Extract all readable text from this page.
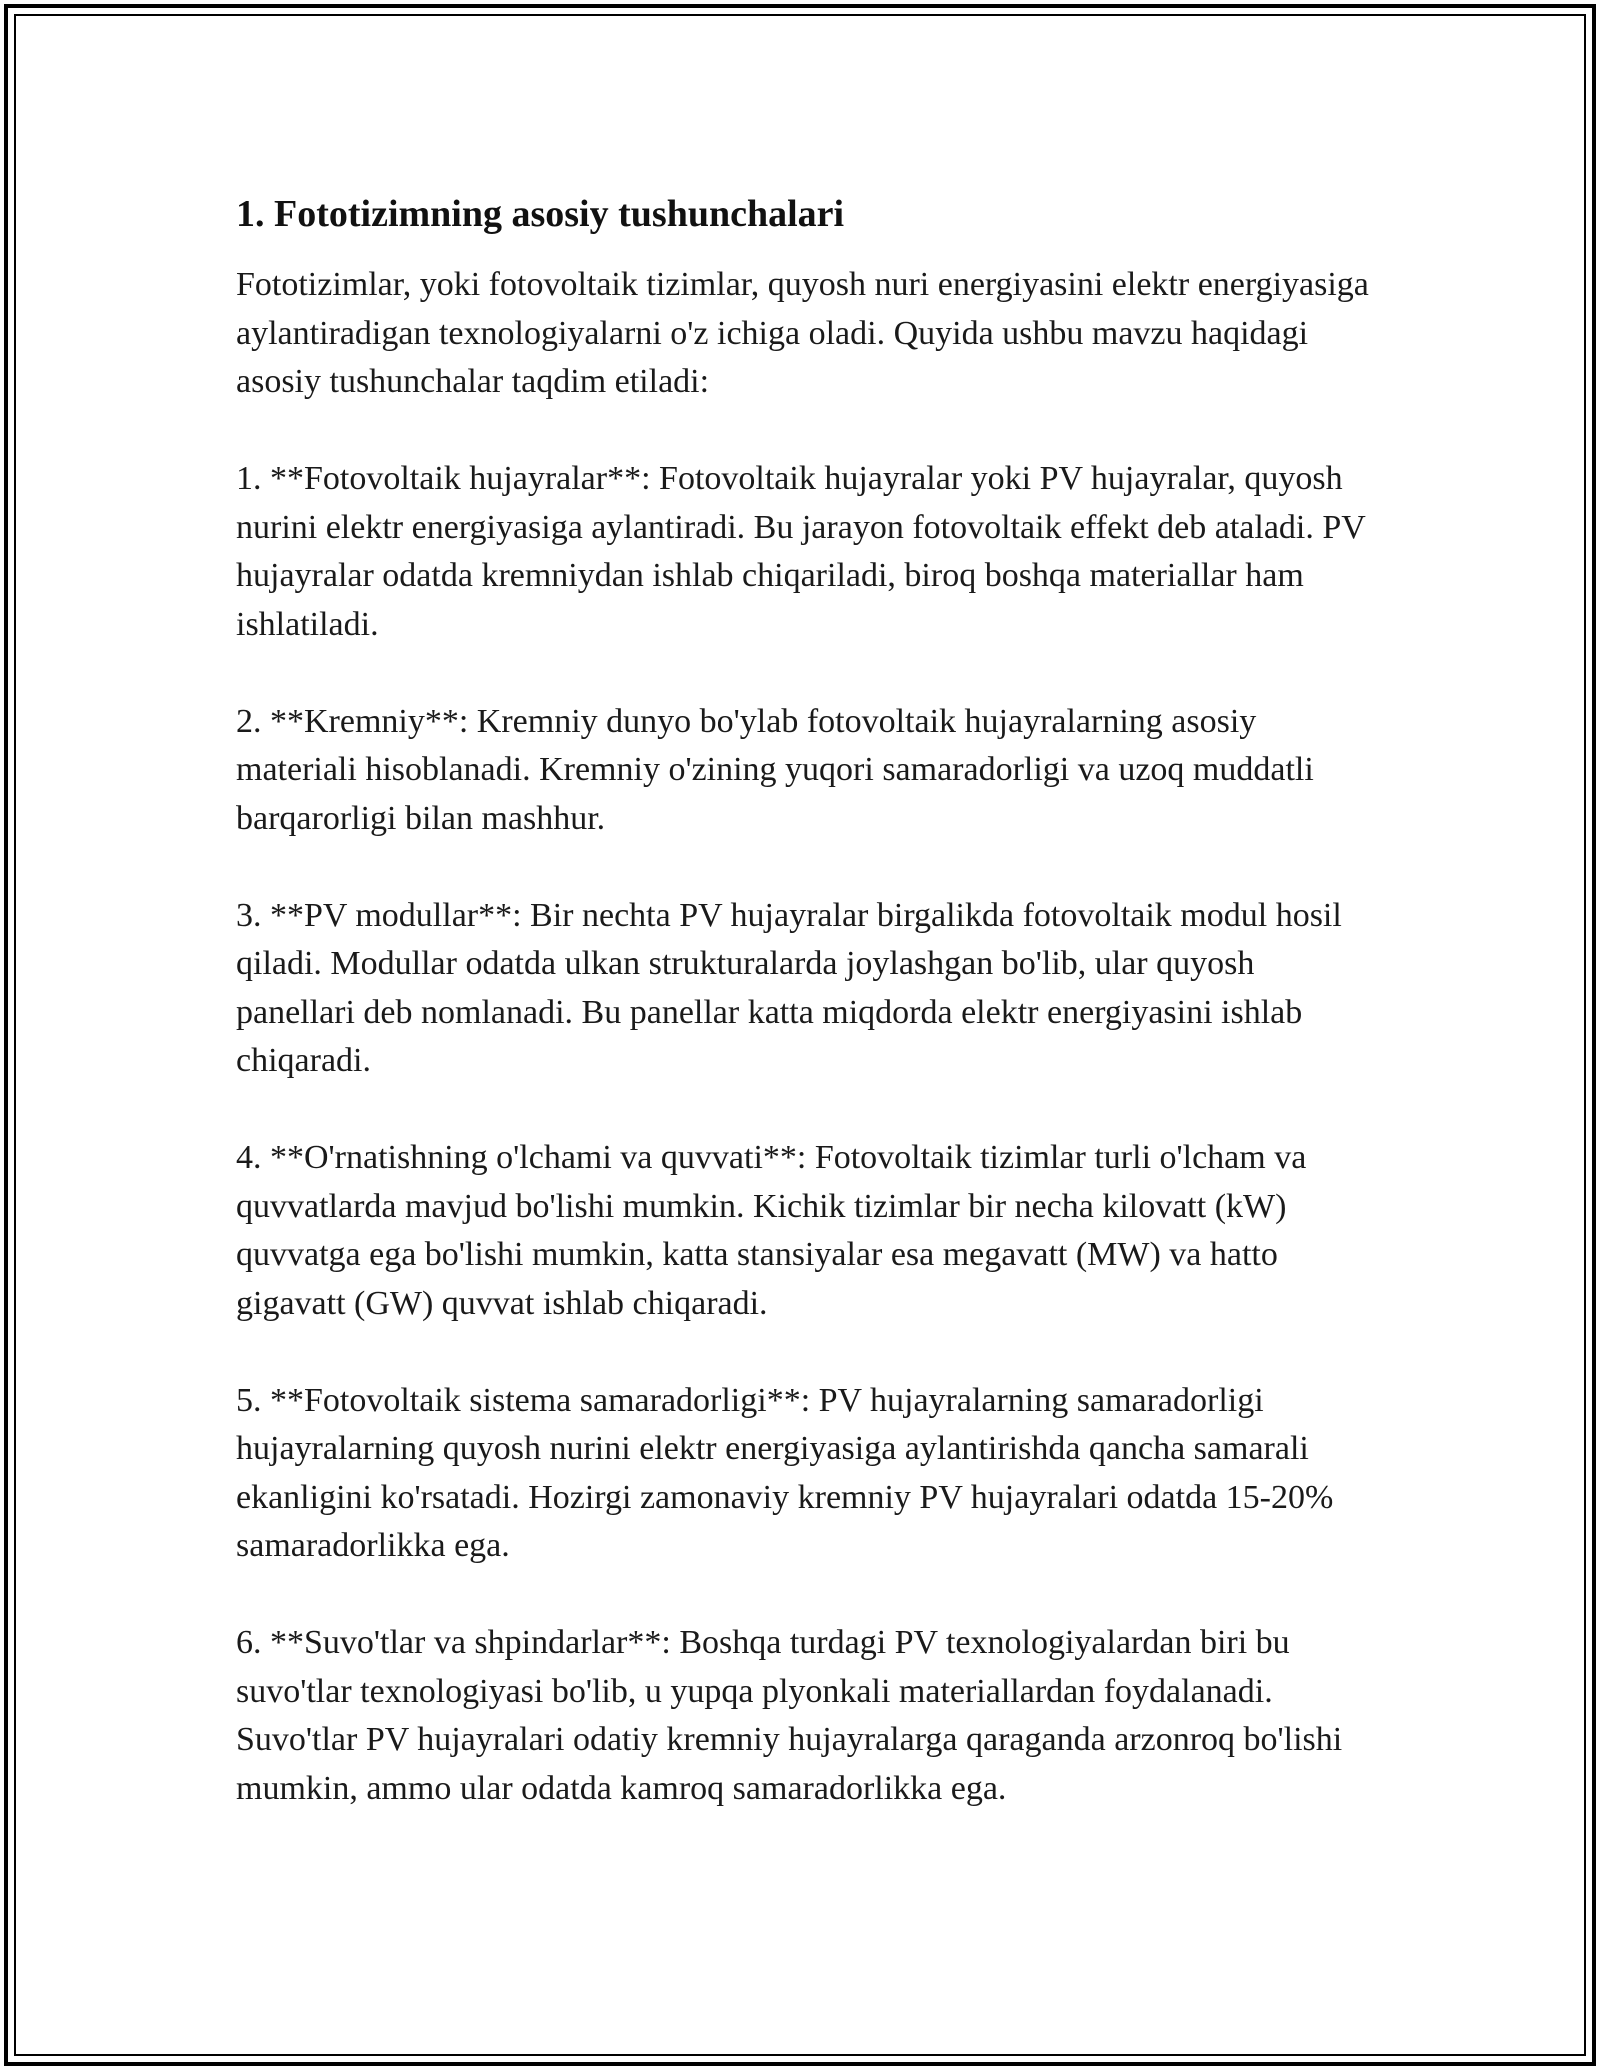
1. Fototizimning asosiy tushunchalari

Fototizimlar, yoki fotovoltaik tizimlar, quyosh nuri energiyasini elektr energiyasiga aylantiradigan texnologiyalarni o'z ichiga oladi. Quyida ushbu mavzu haqidagi asosiy tushunchalar taqdim etiladi:

1. **Fotovoltaik hujayralar**: Fotovoltaik hujayralar yoki PV hujayralar, quyosh nurini elektr energiyasiga aylantiradi. Bu jarayon fotovoltaik effekt deb ataladi. PV hujayralar odatda kremniydan ishlab chiqariladi, biroq boshqa materiallar ham ishlatiladi.

2. **Kremniy**: Kremniy dunyo bo'ylab fotovoltaik hujayralarning asosiy materiali hisoblanadi. Kremniy o'zining yuqori samaradorligi va uzoq muddatli barqarorligi bilan mashhur.

3. **PV modullar**: Bir nechta PV hujayralar birgalikda fotovoltaik modul hosil qiladi. Modullar odatda ulkan strukturalarda joylashgan bo'lib, ular quyosh panellari deb nomlanadi. Bu panellar katta miqdorda elektr energiyasini ishlab chiqaradi.

4. **O'rnatishning o'lchami va quvvati**: Fotovoltaik tizimlar turli o'lcham va quvvatlarda mavjud bo'lishi mumkin. Kichik tizimlar bir necha kilovatt (kW) quvvatga ega bo'lishi mumkin, katta stansiyalar esa megavatt (MW) va hatto gigavatt (GW) quvvat ishlab chiqaradi.

5. **Fotovoltaik sistema samaradorligi**: PV hujayralarning samaradorligi hujayralarning quyosh nurini elektr energiyasiga aylantirishda qancha samarali ekanligini ko'rsatadi. Hozirgi zamonaviy kremniy PV hujayralari odatda 15-20% samaradorlikka ega.

6. **Suvo'tlar va shpindarlar**: Boshqa turdagi PV texnologiyalardan biri bu suvo'tlar texnologiyasi bo'lib, u yupqa plyonkali materiallardan foydalanadi. Suvo'tlar PV hujayralari odatiy kremniy hujayralarga qaraganda arzonroq bo'lishi mumkin, ammo ular odatda kamroq samaradorlikka ega.
